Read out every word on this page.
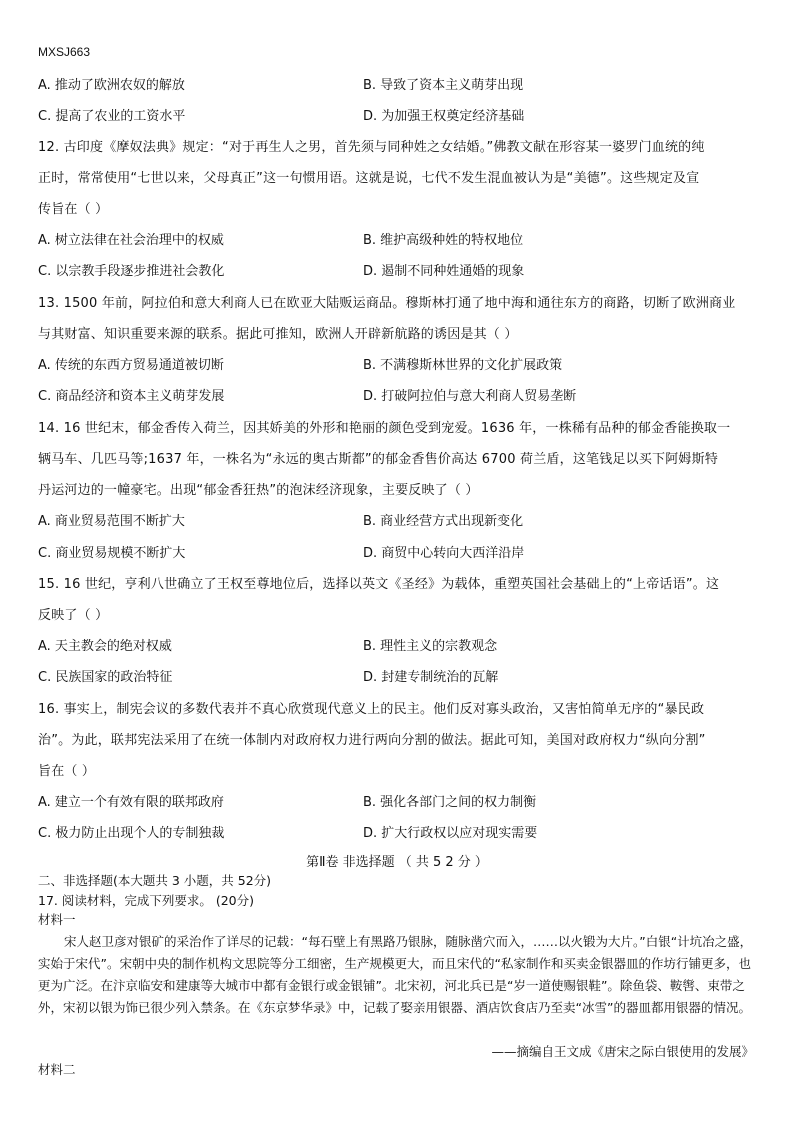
MXSJ663
A. 推动了欧洲农奴的解放	B. 导致了资本主义萌芽出现
C. 提高了农业的工资水平	D. 为加强王权奠定经济基础
12. 古印度《摩奴法典》规定：“对于再生人之男，首先须与同种姓之女结婚。”佛教文献在形容某一婆罗门血统的纯
正时，常常使用“七世以来，父母真正”这一句惯用语。这就是说，七代不发生混血被认为是“美德”。这些规定及宣
传旨在（ ）
A. 树立法律在社会治理中的权威	B. 维护高级种姓的特权地位
C. 以宗教手段逐步推进社会教化	D. 遏制不同种姓通婚的现象
13. 1500 年前，阿拉伯和意大利商人已在欧亚大陆贩运商品。穆斯林打通了地中海和通往东方的商路，切断了欧洲商业
与其财富、知识重要来源的联系。据此可推知，欧洲人开辟新航路的诱因是其（ ）
A. 传统的东西方贸易通道被切断	B. 不满穆斯林世界的文化扩展政策
C. 商品经济和资本主义萌芽发展	D. 打破阿拉伯与意大利商人贸易垄断
14. 16 世纪末，郁金香传入荷兰，因其娇美的外形和艳丽的颜色受到宠爱。1636 年，一株稀有品种的郁金香能换取一
辆马车、几匹马等;1637 年，一株名为“永远的奥古斯都”的郁金香售价高达 6700 荷兰盾，这笔钱足以买下阿姆斯特
丹运河边的一幢豪宅。出现“郁金香狂热”的泡沫经济现象，主要反映了（ ）
A. 商业贸易范围不断扩大	B. 商业经营方式出现新变化
C. 商业贸易规模不断扩大	D. 商贸中心转向大西洋沿岸
15. 16 世纪，亨利八世确立了王权至尊地位后，选择以英文《圣经》为载体，重塑英国社会基础上的“上帝话语”。这
反映了（ ）
A. 天主教会的绝对权威	B. 理性主义的宗教观念
C. 民族国家的政治特征	D. 封建专制统治的瓦解
16. 事实上，制宪会议的多数代表并不真心欣赏现代意义上的民主。他们反对寡头政治，又害怕简单无序的“暴民政
治”。为此，联邦宪法采用了在统一体制内对政府权力进行两向分割的做法。据此可知，美国对政府权力“纵向分割”
旨在（ ）
A. 建立一个有效有限的联邦政府	B. 强化各部门之间的权力制衡
C. 极力防止出现个人的专制独裁	D. 扩大行政权以应对现实需要
第Ⅱ卷 非选择题 （ 共 5 2 分 ）
二、非选择题(本大题共 3 小题，共 52分)
17. 阅读材料，完成下列要求。 (20分)
材料一
宋人赵卫彦对银矿的采治作了详尽的记载：“每石壁上有黑路乃银脉，随脉凿穴而入，……以火锻为大片。”白银“计坑冶之盛，实始于宋代”。宋朝中央的制作机构文思院等分工细密，生产规模更大，而且宋代的“私家制作和买卖金银器皿的作坊行铺更多，也更为广泛。在汴京临安和建康等大城市中都有金银行或金银铺”。北宋初，河北兵已是“岁一道使赐银鞋”。除鱼袋、鞍辔、束带之外，宋初以银为饰已很少列入禁条。在《东京梦华录》中，记载了娶亲用银器、酒店饮食店乃至卖“冰雪”的器皿都用银器的情况。
——摘编自王文成《唐宋之际白银使用的发展》
材料二
